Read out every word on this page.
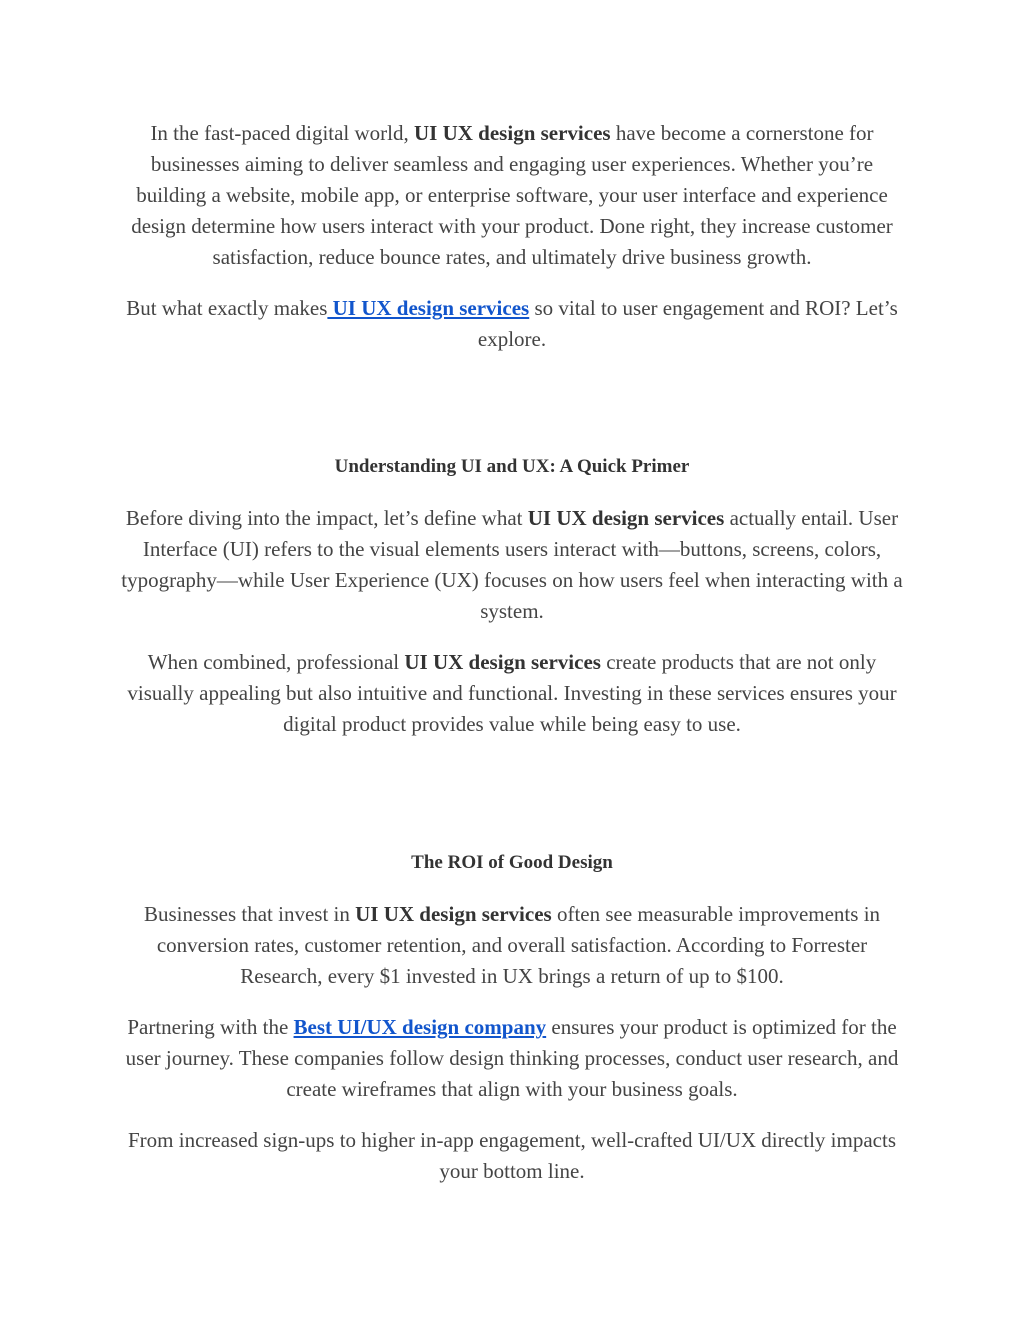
In the fast-paced digital world, UI UX design services have become a cornerstone for businesses aiming to deliver seamless and engaging user experiences. Whether you’re building a website, mobile app, or enterprise software, your user interface and experience design determine how users interact with your product. Done right, they increase customer satisfaction, reduce bounce rates, and ultimately drive business growth.

But what exactly makes UI UX design services so vital to user engagement and ROI? Let’s explore.

Understanding UI and UX: A Quick Primer

Before diving into the impact, let’s define what UI UX design services actually entail. User Interface (UI) refers to the visual elements users interact with—buttons, screens, colors, typography—while User Experience (UX) focuses on how users feel when interacting with a system.

When combined, professional UI UX design services create products that are not only visually appealing but also intuitive and functional. Investing in these services ensures your digital product provides value while being easy to use.

The ROI of Good Design

Businesses that invest in UI UX design services often see measurable improvements in conversion rates, customer retention, and overall satisfaction. According to Forrester Research, every $1 invested in UX brings a return of up to $100.

Partnering with the Best UI/UX design company ensures your product is optimized for the user journey. These companies follow design thinking processes, conduct user research, and create wireframes that align with your business goals.

From increased sign-ups to higher in-app engagement, well-crafted UI/UX directly impacts your bottom line.
